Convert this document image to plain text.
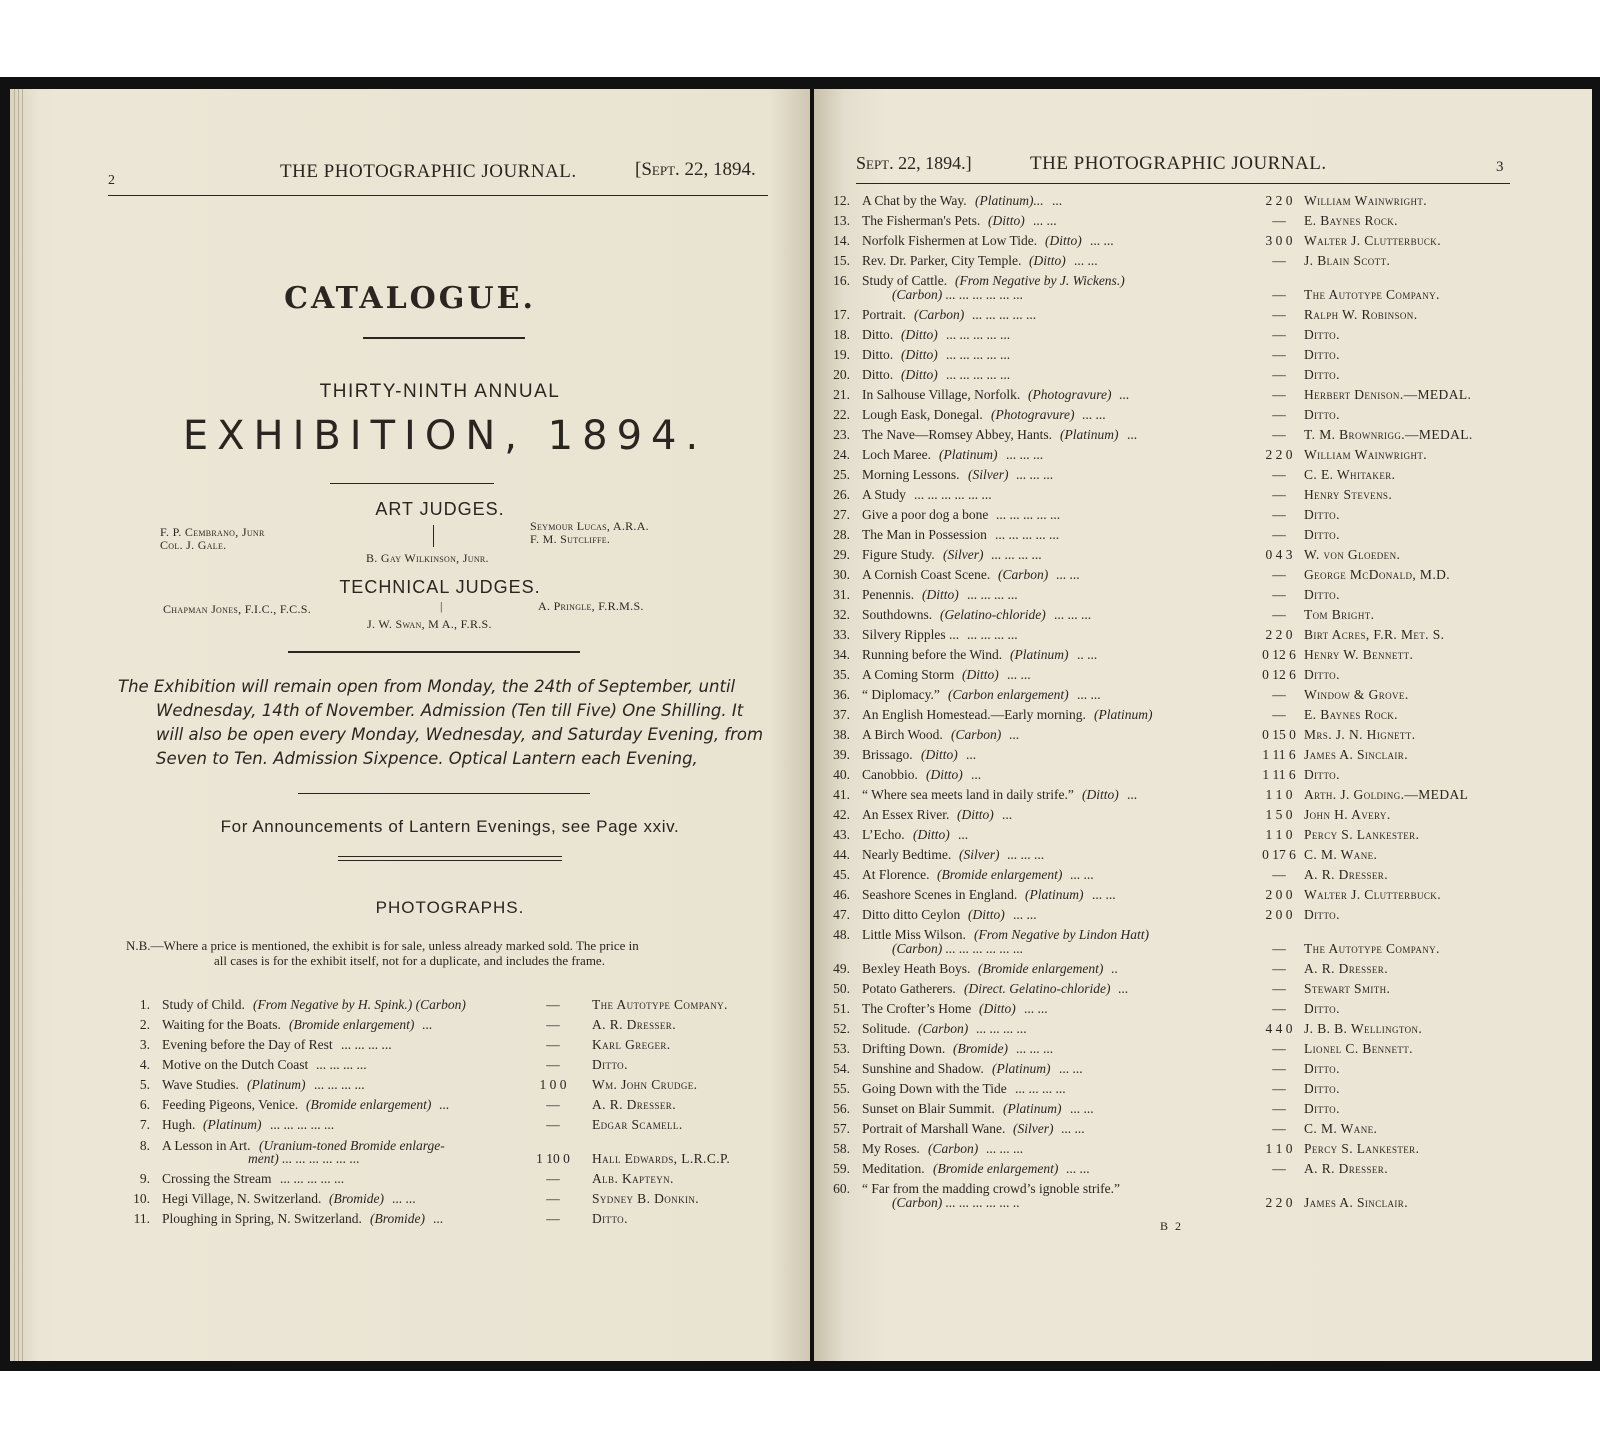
2	THE PHOTOGRAPHIC JOURNAL.	[Sept. 22, 1894.
CATALOGUE.
THIRTY-NINTH ANNUAL
EXHIBITION, 1894.
ART JUDGES.
F. P. Cembrano, Junr
Col. J. Gale.
Seymour Lucas, A.R.A.
F. M. Sutcliffe.
B. Gay Wilkinson, Junr.
TECHNICAL JUDGES.
Chapman Jones, F.I.C., F.C.S.	|	A. Pringle, F.R.M.S.
J. W. Swan, M A., F.R.S.
The Exhibition will remain open from Monday, the 24th of September, until
Wednesday, 14th of November. Admission (Ten till Five) One Shilling. It
will also be open every Monday, Wednesday, and Saturday Evening, from
Seven to Ten. Admission Sixpence. Optical Lantern each Evening,
For Announcements of Lantern Evenings, see Page xxiv.
PHOTOGRAPHS.
N.B.—Where a price is mentioned, the exhibit is for sale, unless already marked sold. The price in
all cases is for the exhibit itself, not for a duplicate, and includes the frame.
1. Study of Child. (From Negative by H. Spink.) (Carbon)	—	The Autotype Company.
2. Waiting for the Boats. (Bromide enlargement) ...	—	A. R. Dresser.
3. Evening before the Day of Rest ... ... ... ...	—	Karl Greger.
4. Motive on the Dutch Coast ... ... ... ...	—	Ditto.
5. Wave Studies. (Platinum) ... ... ... ...	1 0 0	Wm. John Crudge.
6. Feeding Pigeons, Venice. (Bromide enlargement) ...	—	A. R. Dresser.
7. Hugh. (Platinum) ... ... ... ... ...	—	Edgar Scamell.
8. A Lesson in Art. (Uranium-toned Bromide enlarge-
ment) ... ... ... ... ... ...	1 10 0	Hall Edwards, L.R.C.P.
9. Crossing the Stream ... ... ... ... ...	—	Alb. Kapteyn.
10. Hegi Village, N. Switzerland. (Bromide) ... ...	—	Sydney B. Donkin.
11. Ploughing in Spring, N. Switzerland. (Bromide) ...	—	Ditto.
Sept. 22, 1894.]	THE PHOTOGRAPHIC JOURNAL.	3
12. A Chat by the Way. (Platinum)... ...	2 2 0 William Wainwright.
13. The Fisherman's Pets. (Ditto) ... ...	—	E. Baynes Rock.
14. Norfolk Fishermen at Low Tide. (Ditto) ... ...	3 0 0 Walter J. Clutterbuck.
15. Rev. Dr. Parker, City Temple. (Ditto) ... ...	—	J. Blain Scott.
16. Study of Cattle. (From Negative by J. Wickens.)
(Carbon) ... ... ... ... ... ...	—	The Autotype Company.
17. Portrait. (Carbon) ... ... ... ... ...	—	Ralph W. Robinson.
18. Ditto. (Ditto) ... ... ... ... ...	—	Ditto.
19. Ditto. (Ditto) ... ... ... ... ...	—	Ditto.
20. Ditto. (Ditto) ... ... ... ... ...	—	Ditto.
21. In Salhouse Village, Norfolk. (Photogravure) ...	—	Herbert Denison.—MEDAL.
22. Lough Eask, Donegal. (Photogravure) ... ...	—	Ditto.
23. The Nave—Romsey Abbey, Hants. (Platinum) ...	—	T. M. Brownrigg.—MEDAL.
24. Loch Maree. (Platinum) ... ... ...	2 2 0 William Wainwright.
25. Morning Lessons. (Silver) ... ... ...	—	C. E. Whitaker.
26. A Study ... ... ... ... ... ...	—	Henry Stevens.
27. Give a poor dog a bone ... ... ... ... ...	—	Ditto.
28. The Man in Possession ... ... ... ... ...	—	Ditto.
29. Figure Study. (Silver) ... ... ... ...	0 4 3 W. von Gloeden.
30. A Cornish Coast Scene. (Carbon) ... ...	—	George McDonald, M.D.
31. Penennis. (Ditto) ... ... ... ...	—	Ditto.
32. Southdowns. (Gelatino-chloride) ... ... ...	—	Tom Bright.
33. Silvery Ripples ... ... ... ... ...	2 2 0 Birt Acres, F.R. Met. S.
34. Running before the Wind. (Platinum) .. ...	0 12 6 Henry W. Bennett.
35. A Coming Storm (Ditto) ... ...	0 12 6 Ditto.
36. “ Diplomacy.” (Carbon enlargement) ... ...	—	Window & Grove.
37. An English Homestead.—Early morning. (Platinum)	—	E. Baynes Rock.
38. A Birch Wood. (Carbon) ...	0 15 0 Mrs. J. N. Hignett.
39. Brissago. (Ditto) ...	1 11 6 James A. Sinclair.
40. Canobbio. (Ditto) ...	1 11 6 Ditto.
41. “ Where sea meets land in daily strife.” (Ditto) ...	1 1 0 Arth. J. Golding.—MEDAL
42. An Essex River. (Ditto) ...	1 5 0 John H. Avery.
43. L’Echo. (Ditto) ...	1 1 0 Percy S. Lankester.
44. Nearly Bedtime. (Silver) ... ... ...	0 17 6 C. M. Wane.
45. At Florence. (Bromide enlargement) ... ...	—	A. R. Dresser.
46. Seashore Scenes in England. (Platinum) ... ...	2 0 0 Walter J. Clutterbuck.
47. Ditto ditto Ceylon (Ditto) ... ...	2 0 0 Ditto.
48. Little Miss Wilson. (From Negative by Lindon Hatt)
(Carbon) ... ... ... ... ... ...	—	The Autotype Company.
49. Bexley Heath Boys. (Bromide enlargement) ..	—	A. R. Dresser.
50. Potato Gatherers. (Direct. Gelatino-chloride) ...	—	Stewart Smith.
51. The Crofter’s Home (Ditto) ... ...	—	Ditto.
52. Solitude. (Carbon) ... ... ... ...	4 4 0 J. B. B. Wellington.
53. Drifting Down. (Bromide) ... ... ...	—	Lionel C. Bennett.
54. Sunshine and Shadow. (Platinum) ... ...	—	Ditto.
55. Going Down with the Tide ... ... ... ...	—	Ditto.
56. Sunset on Blair Summit. (Platinum) ... ...	—	Ditto.
57. Portrait of Marshall Wane. (Silver) ... ...	—	C. M. Wane.
58. My Roses. (Carbon) ... ... ...	1 1 0 Percy S. Lankester.
59. Meditation. (Bromide enlargement) ... ...	—	A. R. Dresser.
60. “ Far from the madding crowd’s ignoble strife.”
(Carbon) ... ... ... ... ... ..	2 2 0 James A. Sinclair.
B 2
